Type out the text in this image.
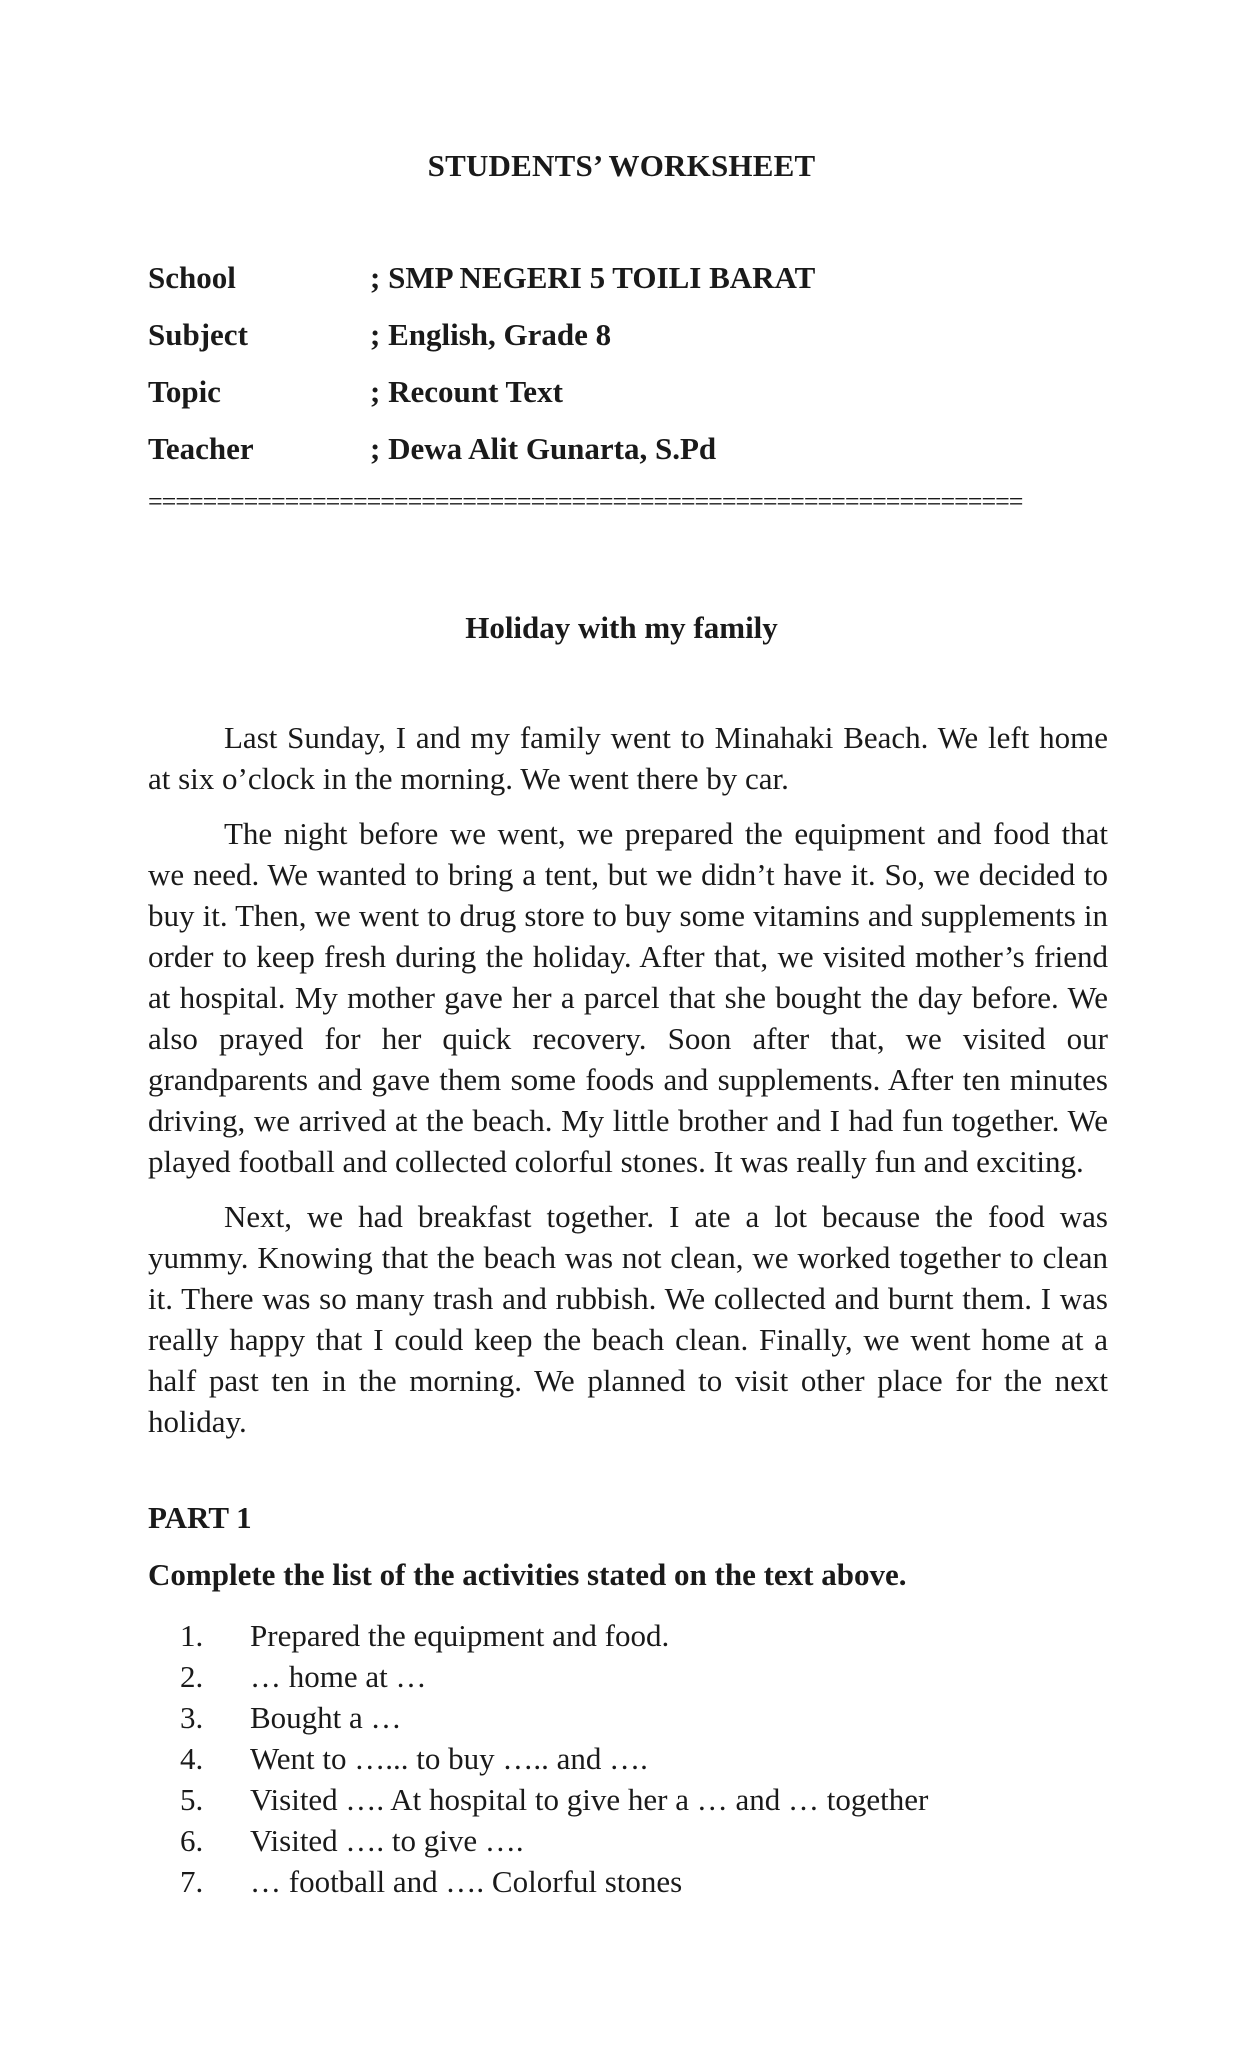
STUDENTS’ WORKSHEET
School	; SMP NEGERI 5 TOILI BARAT
Subject	; English, Grade 8
Topic	; Recount Text
Teacher	; Dewa Alit Gunarta, S.Pd
================================================================
Holiday with my family

Last Sunday, I and my family went to Minahaki Beach. We left home at six o’clock in the morning. We went there by car.

The night before we went, we prepared the equipment and food that we need. We wanted to bring a tent, but we didn’t have it. So, we decided to buy it. Then, we went to drug store to buy some vitamins and supplements in order to keep fresh during the holiday. After that, we visited mother’s friend at hospital. My mother gave her a parcel that she bought the day before. We also prayed for her quick recovery. Soon after that, we visited our grandparents and gave them some foods and supplements. After ten minutes driving, we arrived at the beach. My little brother and I had fun together. We played football and collected colorful stones. It was really fun and exciting.

Next, we had breakfast together. I ate a lot because the food was yummy. Knowing that the beach was not clean, we worked together to clean it. There was so many trash and rubbish. We collected and burnt them. I was really happy that I could keep the beach clean. Finally, we went home at a half past ten in the morning. We planned to visit other place for the next holiday.

PART 1
Complete the list of the activities stated on the text above.
1.	Prepared the equipment and food.
2.	… home at …
3.	Bought a …
4.	Went to …... to buy ….. and ….
5.	Visited …. At hospital to give her a … and … together
6.	Visited …. to give ….
7.	… football and …. Colorful stones
